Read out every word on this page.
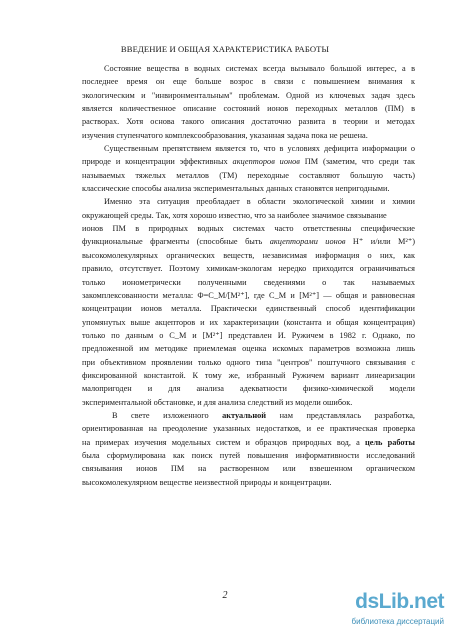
ВВЕДЕНИЕ И ОБЩАЯ ХАРАКТЕРИСТИКА РАБОТЫ
Состояние вещества в водных системах всегда вызывало большой интерес, а в
последнее время он еще больше возрос в связи с повышением внимания к
экологическим и "инвиронментальным" проблемам. Одной из ключевых задач здесь
является количественное описание состояний ионов переходных металлов (ПМ) в
растворах. Хотя основа такого описания достаточно развита в теории и методах
изучения ступенчатого комплексообразования, указанная задача пока не решена.
Существенным препятствием является то, что в условиях дефицита информации о
природе и концентрации эффективных акцепторов ионов ПМ (заметим, что среди так
называемых тяжелых металлов (ТМ) переходные составляют большую часть)
классические способы анализа экспериментальных данных становятся непригодными.
Именно эта ситуация преобладает в области экологической химии и химии
окружающей среды. Так, хотя хорошо известно, что за наиболее значимое связывание
ионов ПМ в природных водных системах часто ответственны специфические
функциональные фрагменты (способные быть акцепторами ионов H⁺ и/или M²⁺)
высокомолекулярных органических веществ, независимая информация о них, как
правило, отсутствует. Поэтому химикам-экологам нередко приходится ограничиваться
только ионометрически полученными сведениями о так называемых
закомплексованности металла: Φ=C_M/[M²⁺], где C_M и [M²⁺] — общая и равновесная
концентрации ионов металла. Практически единственный способ идентификации
упомянутых выше акцепторов и их характеризации (константа и общая концентрация)
только по данным о C_M и [M²⁺] представлен И. Ружичем в 1982 г. Однако, по
предложенной им методике приемлемая оценка искомых параметров возможна лишь
при объективном проявлении только одного типа "центров" поштучного связывания с
фиксированной константой. К тому же, избранный Ружичем вариант линеаризации
малопригоден и для анализа адекватности физико-химической модели
экспериментальной обстановке, и для анализа следствий из модели ошибок.
В свете изложенного актуальной нам представлялась разработка,
ориентированная на преодоление указанных недостатков, и ее практическая проверка
на примерах изучения модельных систем и образцов природных вод, а цель работы
была сформулирована как поиск путей повышения информативности исследований
связывания ионов ПМ на растворенном или взвешенном органическом
высокомолекулярном веществе неизвестной природы и концентрации.
2	dsLib.net
библиотека диссертаций
